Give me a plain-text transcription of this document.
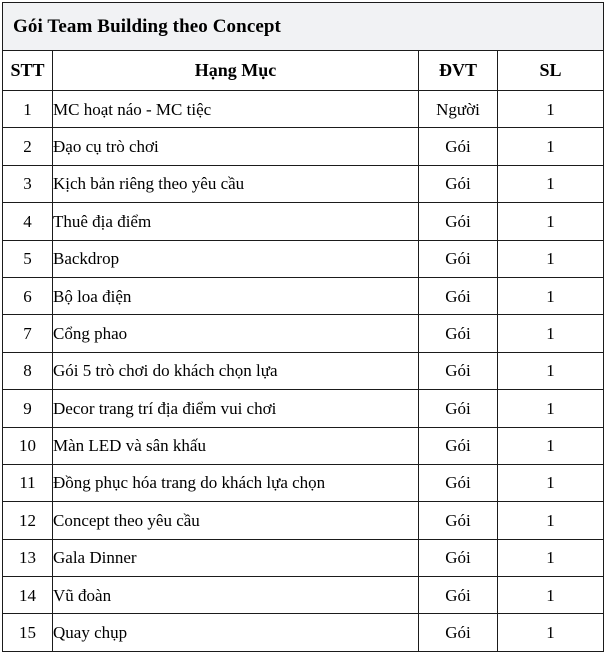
Gói Team Building theo Concept			
STT	Hạng Mục	ĐVT	SL
1	MC hoạt náo - MC tiệc	Người	1
2	Đạo cụ trò chơi	Gói	1
3	Kịch bản riêng theo yêu cầu	Gói	1
4	Thuê địa điểm	Gói	1
5	Backdrop	Gói	1
6	Bộ loa điện	Gói	1
7	Cổng phao	Gói	1
8	Gói 5 trò chơi do khách chọn lựa	Gói	1
9	Decor trang trí địa điểm vui chơi	Gói	1
10	Màn LED và sân khấu	Gói	1
11	Đồng phục hóa trang do khách lựa chọn	Gói	1
12	Concept theo yêu cầu	Gói	1
13	Gala Dinner	Gói	1
14	Vũ đoàn	Gói	1
15	Quay chụp	Gói	1
